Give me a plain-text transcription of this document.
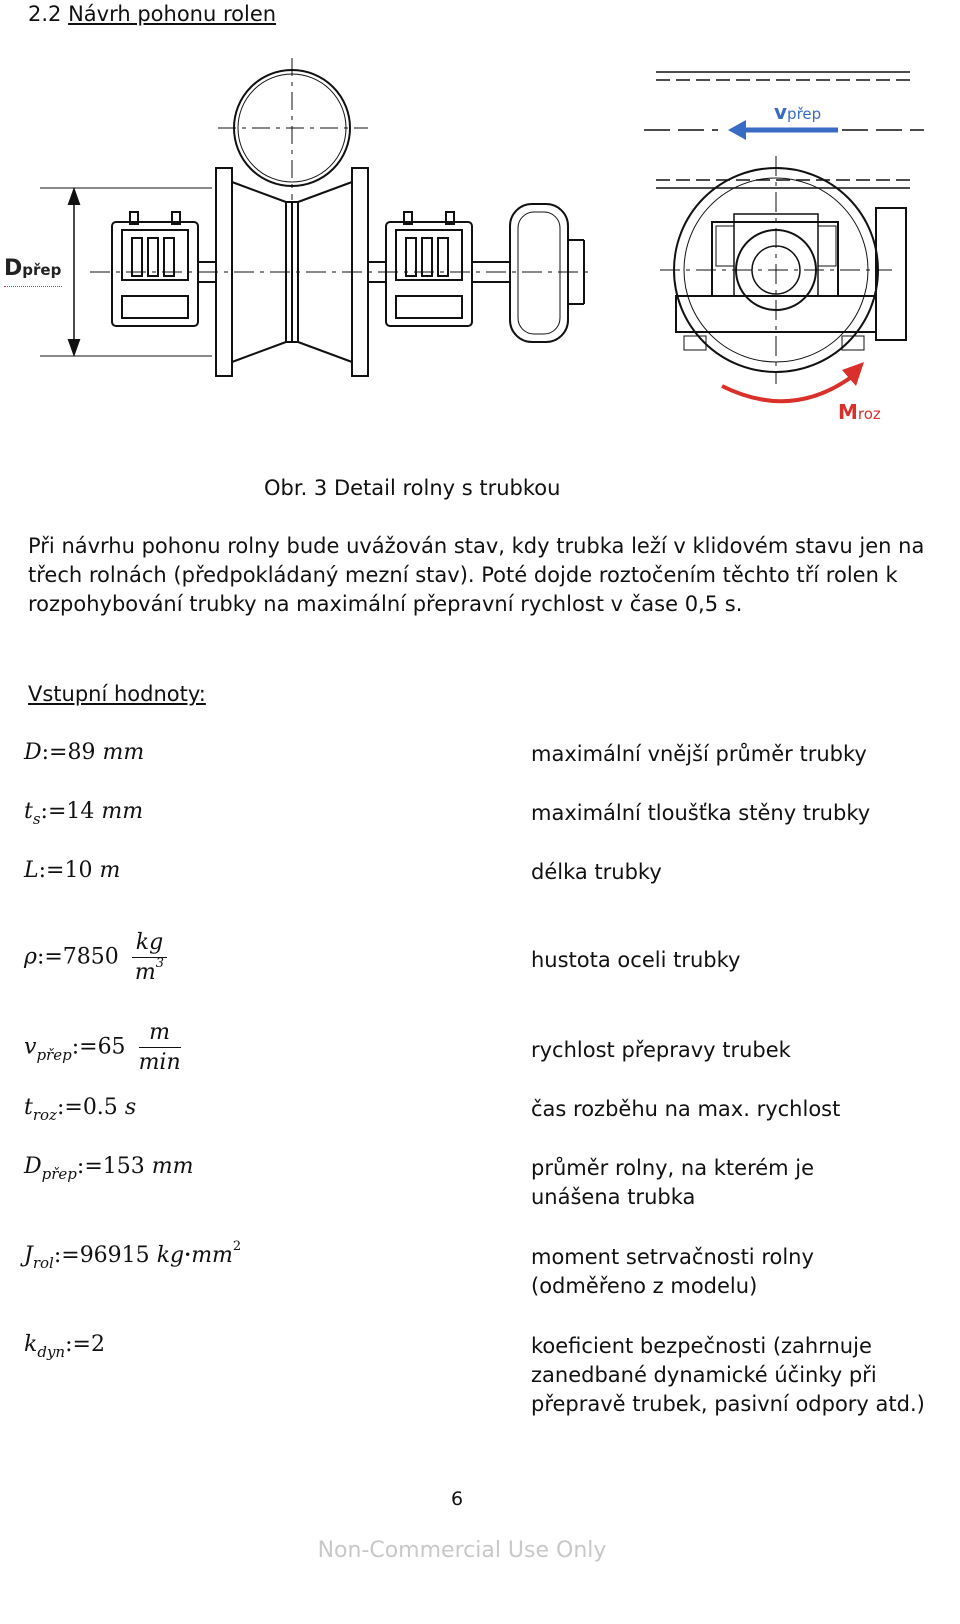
2.2 Návrh pohonu rolen
Dpřep
vpřep
Mroz
Obr. 3 Detail rolny s trubkou
Při návrhu pohonu rolny bude uvážován stav, kdy trubka leží v klidovém stavu jen na třech rolnách (předpokládaný mezní stav). Poté dojde roztočením těchto tří rolen k rozpohybování trubky na maximální přepravní rychlost v čase 0,5 s.
Vstupní hodnoty:
D:=89 mm	maximální vnější průměr trubky
$t_s:=14$ mm	maximální tloušťka stěny trubky
L:=10 m	délka trubky
ρ:=7850 $\frac{kg}{m^3}$	hustota oceli trubky
$v_{přep}:=65 \frac{m}{\min}$	rychlost přepravy trubek
$t_{roz}:=0.5$ s	čas rozběhu na max. rychlost
$D_{přep}:=153$ mm	průměr rolny, na kterém je
unášena trubka
$J_{rol}:=96915$ $kg•mm^2$	moment setrvačnosti rolny
(odměřeno z modelu)
$k_{dyn}:=2$	koeficient bezpečnosti (zahrnuje
zanedbané dynamické účinky při
přepravě trubek, pasivní odpory atd.)
6
Non-Commercial Use Only
